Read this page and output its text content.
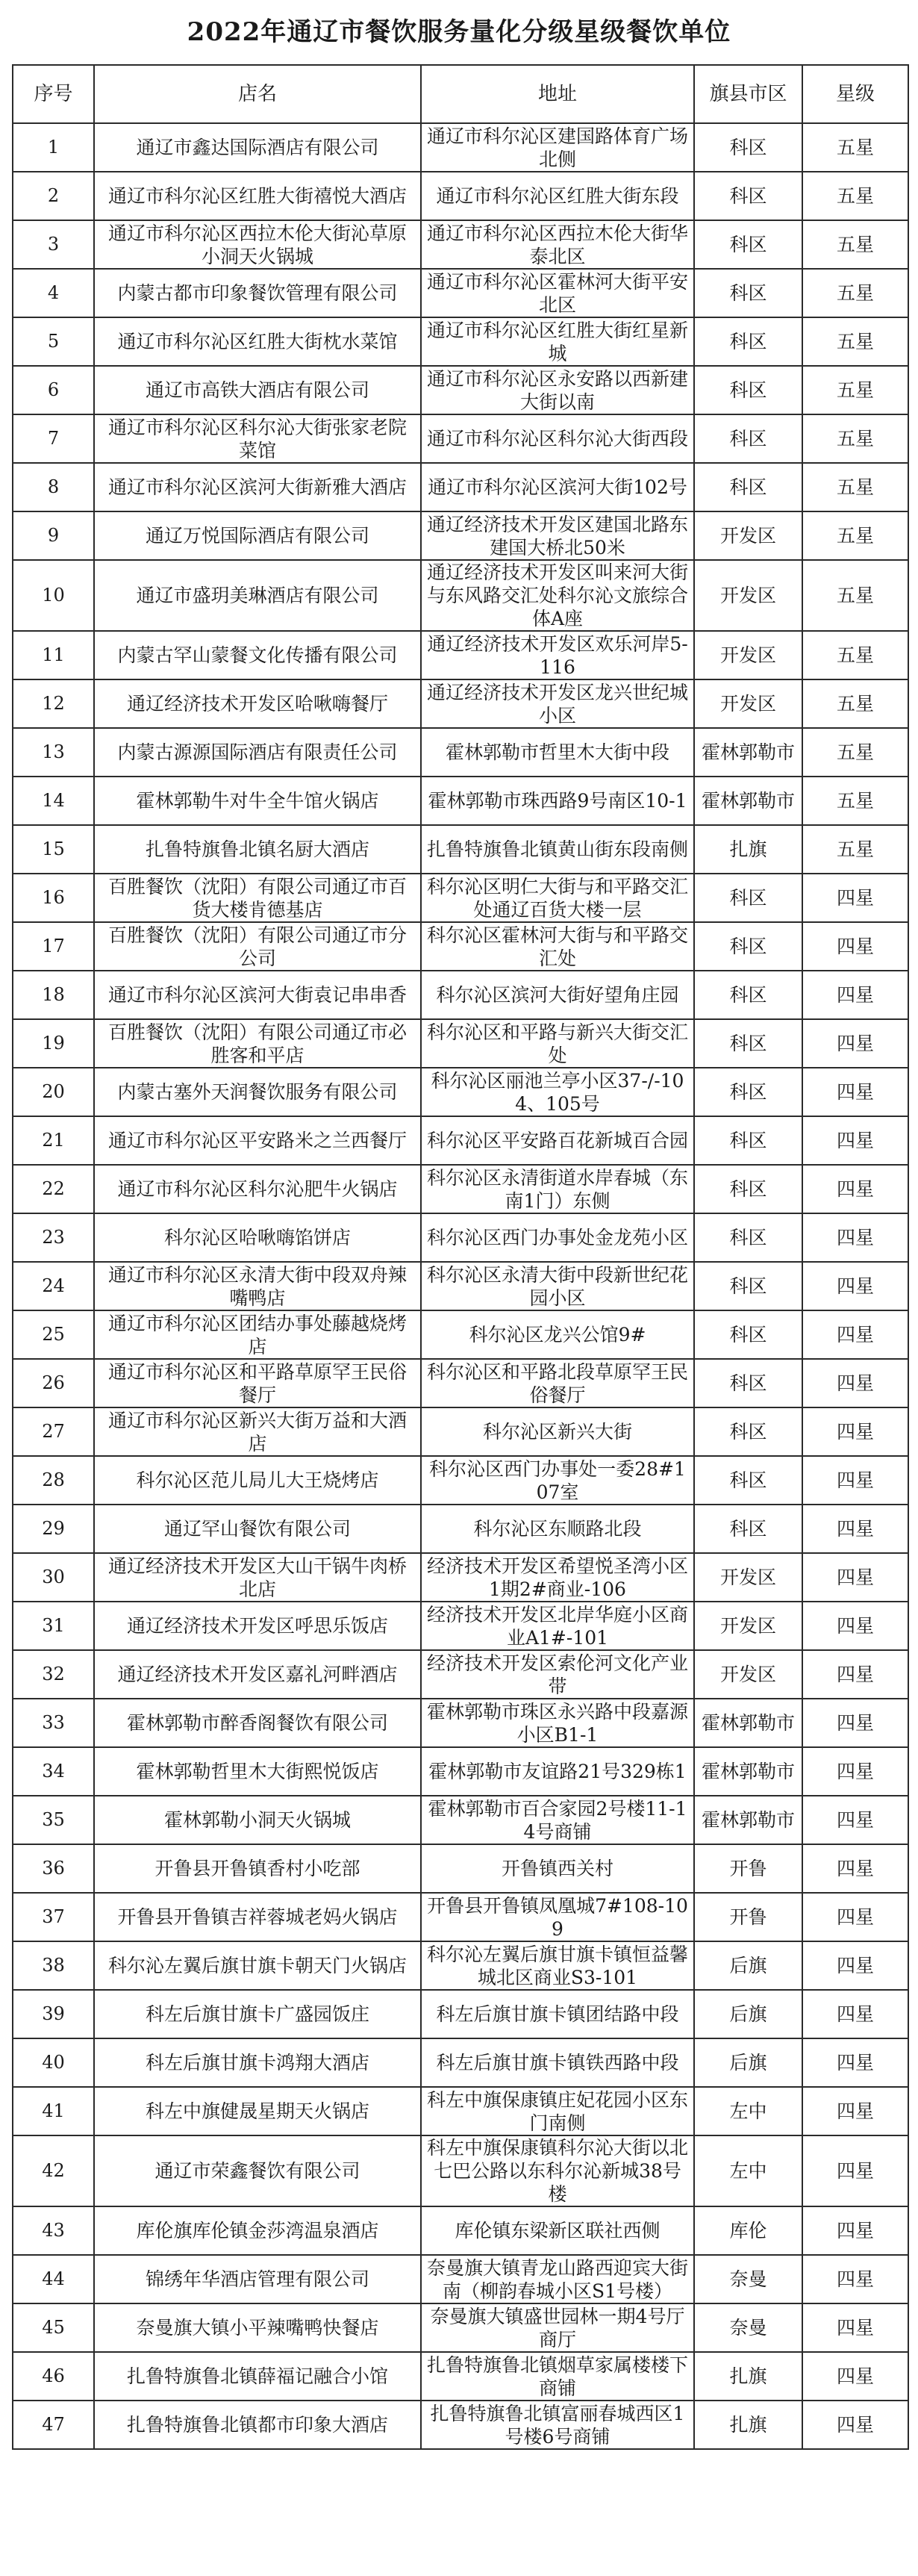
2022年通辽市餐饮服务量化分级星级餐饮单位
序号	店名	地址	旗县市区	星级
1	通辽市鑫达国际酒店有限公司	通辽市科尔沁区建国路体育广场北侧	科区	五星
2	通辽市科尔沁区红胜大街禧悦大酒店	通辽市科尔沁区红胜大街东段	科区	五星
3	通辽市科尔沁区西拉木伦大街沁草原小洞天火锅城	通辽市科尔沁区西拉木伦大街华泰北区	科区	五星
4	内蒙古都市印象餐饮管理有限公司	通辽市科尔沁区霍林河大街平安北区	科区	五星
5	通辽市科尔沁区红胜大街枕水菜馆	通辽市科尔沁区红胜大街红星新城	科区	五星
6	通辽市高铁大酒店有限公司	通辽市科尔沁区永安路以西新建大街以南	科区	五星
7	通辽市科尔沁区科尔沁大街张家老院菜馆	通辽市科尔沁区科尔沁大街西段	科区	五星
8	通辽市科尔沁区滨河大街新雅大酒店	通辽市科尔沁区滨河大街102号	科区	五星
9	通辽万悦国际酒店有限公司	通辽经济技术开发区建国北路东建国大桥北50米	开发区	五星
10	通辽市盛玥美琳酒店有限公司	通辽经济技术开发区叫来河大街与东风路交汇处科尔沁文旅综合体A座	开发区	五星
11	内蒙古罕山蒙餐文化传播有限公司	通辽经济技术开发区欢乐河岸5-116	开发区	五星
12	通辽经济技术开发区哈啾嗨餐厅	通辽经济技术开发区龙兴世纪城小区	开发区	五星
13	内蒙古源源国际酒店有限责任公司	霍林郭勒市哲里木大街中段	霍林郭勒市	五星
14	霍林郭勒牛对牛全牛馆火锅店	霍林郭勒市珠西路9号南区10-1	霍林郭勒市	五星
15	扎鲁特旗鲁北镇名厨大酒店	扎鲁特旗鲁北镇黄山街东段南侧	扎旗	五星
16	百胜餐饮（沈阳）有限公司通辽市百货大楼肯德基店	科尔沁区明仁大街与和平路交汇处通辽百货大楼一层	科区	四星
17	百胜餐饮（沈阳）有限公司通辽市分公司	科尔沁区霍林河大街与和平路交汇处	科区	四星
18	通辽市科尔沁区滨河大街袁记串串香	科尔沁区滨河大街好望角庄园	科区	四星
19	百胜餐饮（沈阳）有限公司通辽市必胜客和平店	科尔沁区和平路与新兴大街交汇处	科区	四星
20	内蒙古塞外天润餐饮服务有限公司	科尔沁区丽池兰亭小区37-/-104、105号	科区	四星
21	通辽市科尔沁区平安路米之兰西餐厅	科尔沁区平安路百花新城百合园	科区	四星
22	通辽市科尔沁区科尔沁肥牛火锅店	科尔沁区永清街道水岸春城（东南1门）东侧	科区	四星
23	科尔沁区哈啾嗨馅饼店	科尔沁区西门办事处金龙苑小区	科区	四星
24	通辽市科尔沁区永清大街中段双舟辣嘴鸭店	科尔沁区永清大街中段新世纪花园小区	科区	四星
25	通辽市科尔沁区团结办事处藤越烧烤店	科尔沁区龙兴公馆9#	科区	四星
26	通辽市科尔沁区和平路草原罕王民俗餐厅	科尔沁区和平路北段草原罕王民俗餐厅	科区	四星
27	通辽市科尔沁区新兴大街万益和大酒店	科尔沁区新兴大街	科区	四星
28	科尔沁区范儿局儿大王烧烤店	科尔沁区西门办事处一委28#107室	科区	四星
29	通辽罕山餐饮有限公司	科尔沁区东顺路北段	科区	四星
30	通辽经济技术开发区大山干锅牛肉桥北店	经济技术开发区希望悦圣湾小区1期2#商业-106	开发区	四星
31	通辽经济技术开发区呼思乐饭店	经济技术开发区北岸华庭小区商业A1#-101	开发区	四星
32	通辽经济技术开发区嘉礼河畔酒店	经济技术开发区索伦河文化产业带	开发区	四星
33	霍林郭勒市醉香阁餐饮有限公司	霍林郭勒市珠区永兴路中段嘉源小区B1-1	霍林郭勒市	四星
34	霍林郭勒哲里木大街熙悦饭店	霍林郭勒市友谊路21号329栋1	霍林郭勒市	四星
35	霍林郭勒小洞天火锅城	霍林郭勒市百合家园2号楼11-14号商铺	霍林郭勒市	四星
36	开鲁县开鲁镇香村小吃部	开鲁镇西关村	开鲁	四星
37	开鲁县开鲁镇吉祥蓉城老妈火锅店	开鲁县开鲁镇凤凰城7#108-109	开鲁	四星
38	科尔沁左翼后旗甘旗卡朝天门火锅店	科尔沁左翼后旗甘旗卡镇恒益馨城北区商业S3-101	后旗	四星
39	科左后旗甘旗卡广盛园饭庄	科左后旗甘旗卡镇团结路中段	后旗	四星
40	科左后旗甘旗卡鸿翔大酒店	科左后旗甘旗卡镇铁西路中段	后旗	四星
41	科左中旗健晟星期天火锅店	科左中旗保康镇庄妃花园小区东门南侧	左中	四星
42	通辽市荣鑫餐饮有限公司	科左中旗保康镇科尔沁大街以北七巴公路以东科尔沁新城38号楼	左中	四星
43	库伦旗库伦镇金莎湾温泉酒店	库伦镇东梁新区联社西侧	库伦	四星
44	锦绣年华酒店管理有限公司	奈曼旗大镇青龙山路西迎宾大街南（柳韵春城小区S1号楼）	奈曼	四星
45	奈曼旗大镇小平辣嘴鸭快餐店	奈曼旗大镇盛世园林一期4号厅商厅	奈曼	四星
46	扎鲁特旗鲁北镇薛福记融合小馆	扎鲁特旗鲁北镇烟草家属楼楼下商铺	扎旗	四星
47	扎鲁特旗鲁北镇都市印象大酒店	扎鲁特旗鲁北镇富丽春城西区1号楼6号商铺	扎旗	四星
